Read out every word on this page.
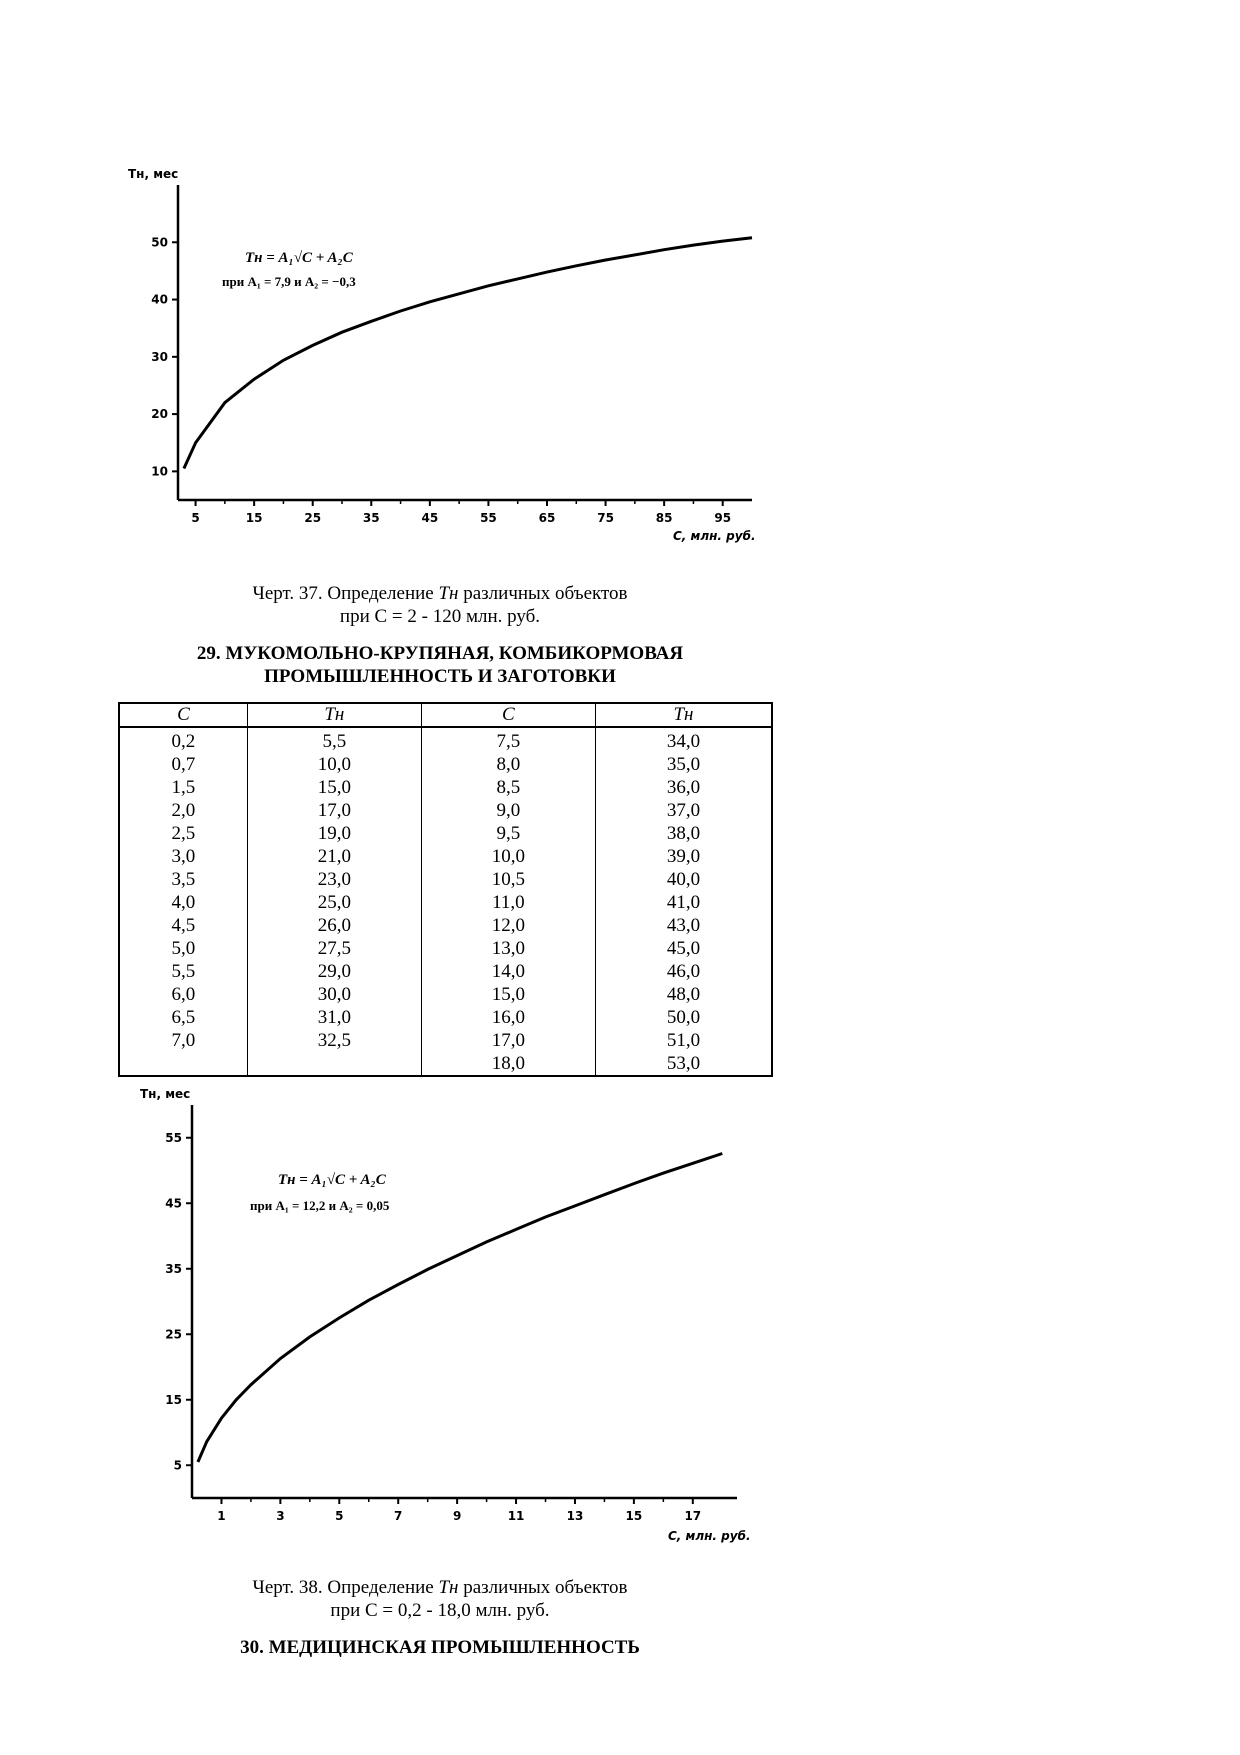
Tн, мес
10
20
30
40
50
5	15	25	35	45	55	65	75	85	95
Tн = A₁√C + A₂C
при A₁ = 7,9 и A₂ = −0,3
С, млн. руб.
Черт. 37. Определение Tн различных объектов
при С = 2 - 120 млн. руб.
29. МУКОМОЛЬНО-КРУПЯНАЯ, КОМБИКОРМОВАЯ
ПРОМЫШЛЕННОСТЬ И ЗАГОТОВКИ
C	Tн	C	Tн
0,2	5,5	7,5	34,0
0,7	10,0	8,0	35,0
1,5	15,0	8,5	36,0
2,0	17,0	9,0	37,0
2,5	19,0	9,5	38,0
3,0	21,0	10,0	39,0
3,5	23,0	10,5	40,0
4,0	25,0	11,0	41,0
4,5	26,0	12,0	43,0
5,0	27,5	13,0	45,0
5,5	29,0	14,0	46,0
6,0	30,0	15,0	48,0
6,5	31,0	16,0	50,0
7,0	32,5	17,0	51,0
		18,0	53,0
Tн, мес
5
15
25
35
45
55
1	3	5	7	9	11	13	15	17
Tн = A₁√C + A₂C
при A₁ = 12,2 и A₂ = 0,05
С, млн. руб.
Черт. 38. Определение Tн различных объектов
при С = 0,2 - 18,0 млн. руб.
30. МЕДИЦИНСКАЯ ПРОМЫШЛЕННОСТЬ
